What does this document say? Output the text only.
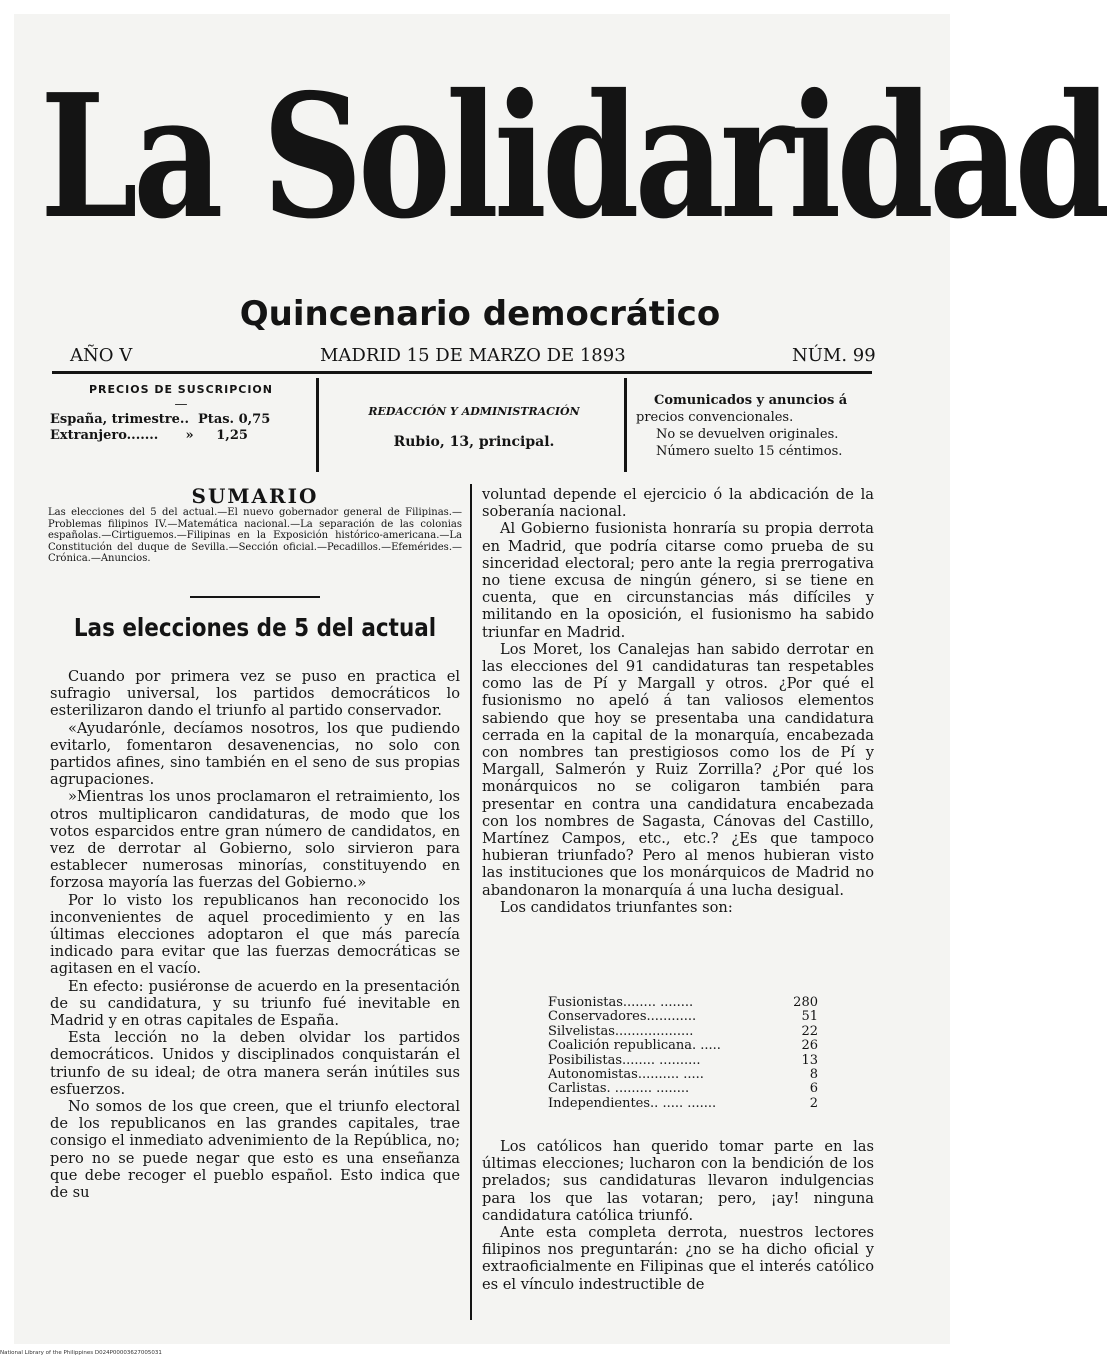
La Solidaridad
Quincenario democrático
AÑO V	MADRID 15 DE MARZO DE 1893	NÚM. 99
PRECIOS DE SUSCRIPCION
—
España, trimestre..  Ptas. 0,75
Extranjero.......      »     1,25
REDACCIÓN Y ADMINISTRACIÓN
Rubio, 13, principal.
Comunicados y anuncios á
precios convencionales.
No se devuelven originales.
Número suelto 15 céntimos.
SUMARIO
Las elecciones del 5 del actual.—El nuevo gobernador general de Filipinas.—Problemas filipinos IV.—Matemática nacional.—La separación de las colonias españolas.—Cirtiguemos.—Filipinas en la Exposición histórico-americana.—La Constitución del duque de Sevilla.—Sección oficial.—Pecadillos.—Efemérides.—Crónica.—Anuncios.
Las elecciones de 5 del actual

Cuando por primera vez se puso en practica el sufragio universal, los partidos democráticos lo esterilizaron dando el triunfo al partido conservador.

«Ayudarónle, decíamos nosotros, los que pudiendo evitarlo, fomentaron desavenencias, no solo con partidos afines, sino también en el seno de sus propias agrupaciones.

»Mientras los unos proclamaron el retraimiento, los otros multiplicaron candidaturas, de modo que los votos esparcidos entre gran número de candidatos, en vez de derrotar al Gobierno, solo sirvieron para establecer numerosas minorías, constituyendo en forzosa mayoría las fuerzas del Gobierno.»

Por lo visto los republicanos han reconocido los inconvenientes de aquel procedimiento y en las últimas elecciones adoptaron el que más parecía indicado para evitar que las fuerzas democráticas se agitasen en el vacío.

En efecto: pusiéronse de acuerdo en la presentación de su candidatura, y su triunfo fué inevitable en Madrid y en otras capitales de España.

Esta lección no la deben olvidar los partidos democráticos. Unidos y disciplinados conquistarán el triunfo de su ideal; de otra manera serán inútiles sus esfuerzos.

No somos de los que creen, que el triunfo electoral de los republicanos en las grandes capitales, trae consigo el inmediato advenimiento de la República, no; pero no se puede negar que esto es una enseñanza que debe recoger el pueblo español. Esto indica que de su

voluntad depende el ejercicio ó la abdicación de la soberanía nacional.

Al Gobierno fusionista honraría su propia derrota en Madrid, que podría citarse como prueba de su sinceridad electoral; pero ante la regia prerrogativa no tiene excusa de ningún género, si se tiene en cuenta, que en circunstancias más difíciles y militando en la oposición, el fusionismo ha sabido triunfar en Madrid.

Los Moret, los Canalejas han sabido derrotar en las elecciones del 91 candidaturas tan respetables como las de Pí y Margall y otros. ¿Por qué el fusionismo no apeló á tan valiosos elementos sabiendo que hoy se presentaba una candidatura cerrada en la capital de la monarquía, encabezada con nombres tan prestigiosos como los de Pí y Margall, Salmerón y Ruiz Zorrilla? ¿Por qué los monárquicos no se coligaron también para presentar en contra una candidatura encabezada con los nombres de Sagasta, Cánovas del Castillo, Martínez Campos, etc., etc.? ¿Es que tampoco hubieran triunfado? Pero al menos hubieran visto las instituciones que los monárquicos de Madrid no abandonaron la monarquía á una lucha desigual.

Los candidatos triunfantes son:

Fusionistas........ ........	280
Conservadores............	51
Silvelistas...................	22
Coalición republicana. .....	26
Posibilistas........ ..........	13
Autonomistas.......... .....	8
Carlistas. ......... ........	6
Independientes.. ..... .......	2

Los católicos han querido tomar parte en las últimas elecciones; lucharon con la bendición de los prelados; sus candidaturas llevaron indulgencias para los que las votaran; pero, ¡ay! ninguna candidatura católica triunfó.

Ante esta completa derrota, nuestros lectores filipinos nos preguntarán: ¿no se ha dicho oficial y extraoficialmente en Filipinas que el interés católico es el vínculo indestructible de

National Library of the Philippines D024P00003627005031
